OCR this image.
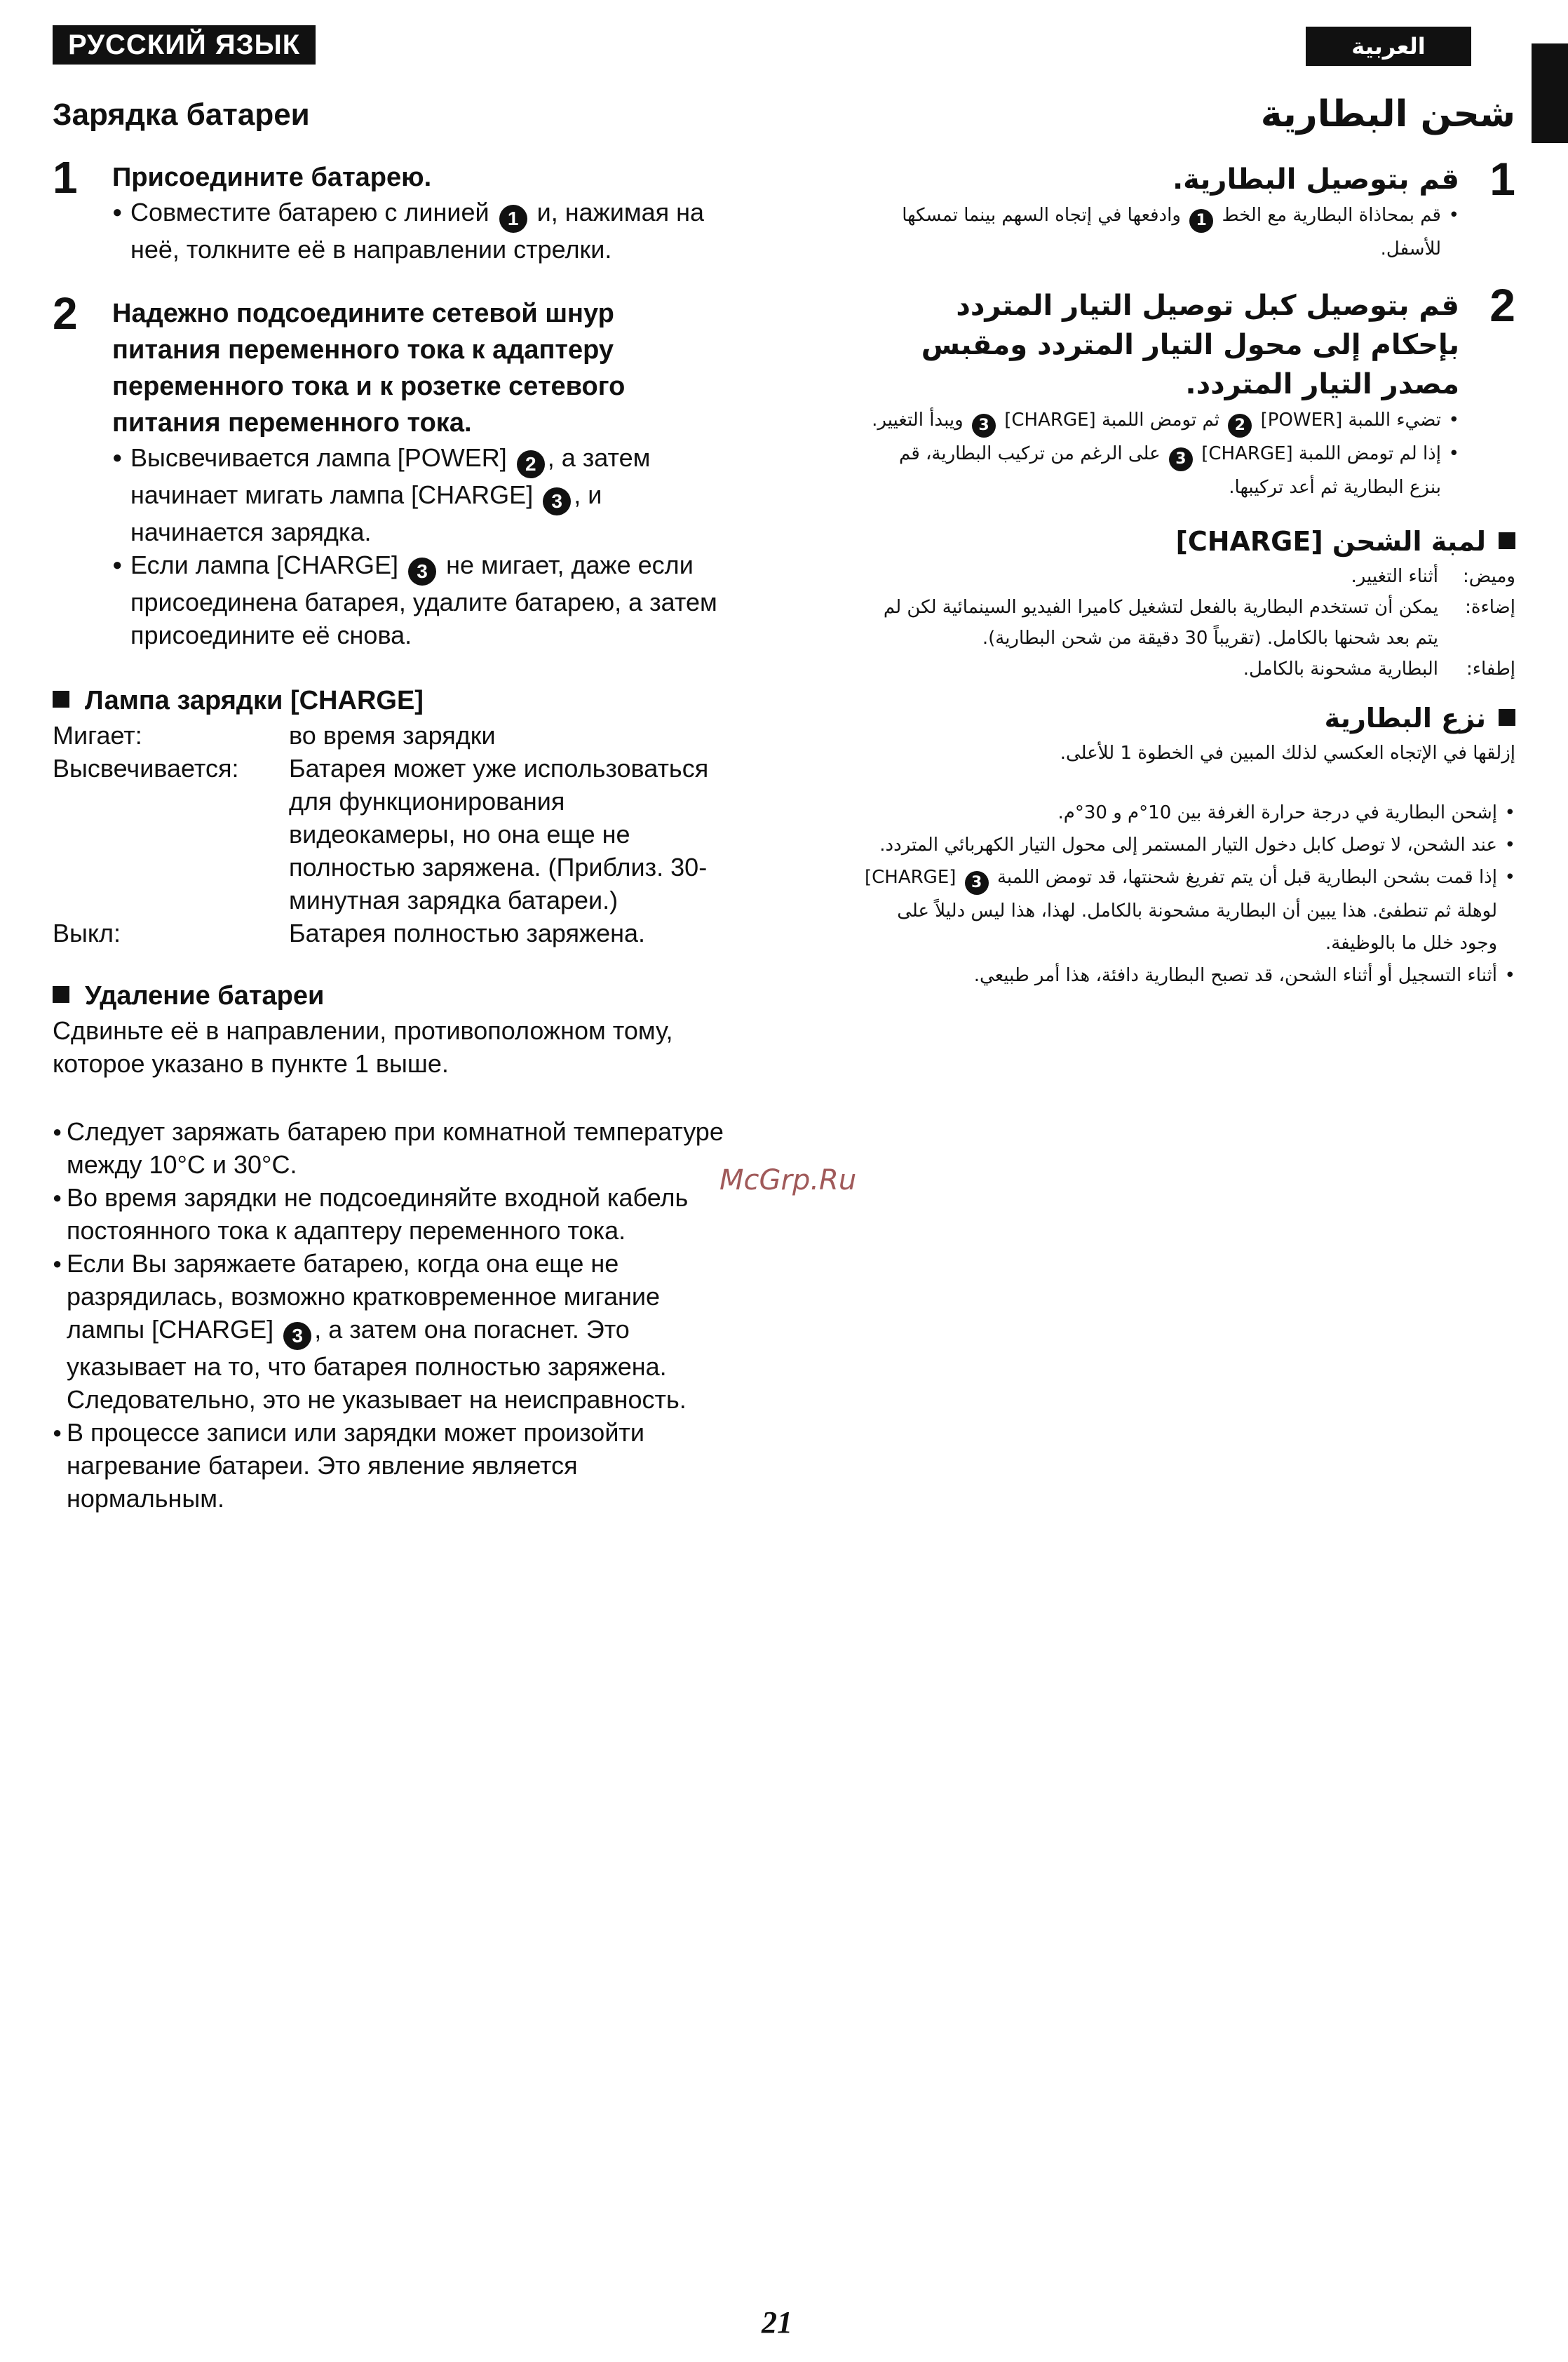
РУССКИЙ ЯЗЫК	العربية
Зарядка батареи
1 Присоедините батарею.
● Совместите батарею с линией 1 и, нажимая на неё, толкните её в направлении стрелки.
2 Надежно подсоедините сетевой шнур питания переменного тока к адаптеру переменного тока и к розетке сетевого питания переменного тока.
● Высвечивается лампа [POWER] 2 , а затем начинает мигать лампа [CHARGE] 3 , и начинается зарядка.
● Если лампа [CHARGE] 3 не мигает, даже если присоединена батарея, удалите батарею, а затем присоедините её снова.
Лампа зарядки [CHARGE]
Мигает:	во время зарядки
Высвечивается:	Батарея может уже использоваться для функционирования видеокамеры, но она еще не полностью заряжена. (Приблиз. 30-минутная зарядка батареи.)
Выкл:	Батарея полностью заряжена.
Удаление батареи
Сдвиньте её в направлении, противоположном тому, которое указано в пункте 1 выше.
● Следует заряжать батарею при комнатной температуре между 10°C и 30°C.
● Во время зарядки не подсоединяйте входной кабель постоянного тока к адаптеру переменного тока.
● Если Вы заряжаете батарею, когда она еще не разрядилась, возможно кратковременное мигание лампы [CHARGE] 3 , а затем она погаснет. Это указывает на то, что батарея полностью заряжена. Следовательно, это не указывает на неисправность.
● В процессе записи или зарядки может произойти нагревание батареи. Это явление является нормальным.
شحن البطارية
1
قم بتوصيل البطارية.
• قم بمحاذاة البطارية مع الخط 1 وادفعها في إتجاه السهم بينما تمسكها للأسفل.
2
قم بتوصيل كبل توصيل التيار المتردد بإحكام إلى محول التيار المتردد ومقبس مصدر التيار المتردد.
• تضيء اللمبة [POWER] 2 ثم تومض اللمبة [CHARGE] 3 ويبدأ التغيير.
• إذا لم تومض اللمبة [CHARGE] 3 على الرغم من تركيب البطارية، قم بنزع البطارية ثم أعد تركيبها.
لمبة الشحن [CHARGE]
وميض:
أثناء التغيير.
إضاءة:
يمكن أن تستخدم البطارية بالفعل لتشغيل كاميرا الفيديو السينمائية لكن لم يتم بعد شحنها بالكامل. (تقريباً 30 دقيقة من شحن البطارية).
إطفاء:
البطارية مشحونة بالكامل.
نزع البطارية
إزلقها في الإتجاه العكسي لذلك المبين في الخطوة 1 للأعلى.
• إشحن البطارية في درجة حرارة الغرفة بين 10°م و 30°م.
• عند الشحن، لا توصل كابل دخول التيار المستمر إلى محول التيار الكهربائي المتردد.
• إذا قمت بشحن البطارية قبل أن يتم تفريغ شحنتها، قد تومض اللمبة 3 [CHARGE] لوهلة ثم تنطفئ. هذا يبين أن البطارية مشحونة بالكامل. لهذا، هذا ليس دليلاً على وجود خلل ما بالوظيفة.
• أثناء التسجيل أو أثناء الشحن، قد تصبح البطارية دافئة، هذا أمر طبيعي.
McGrp.Ru
21
